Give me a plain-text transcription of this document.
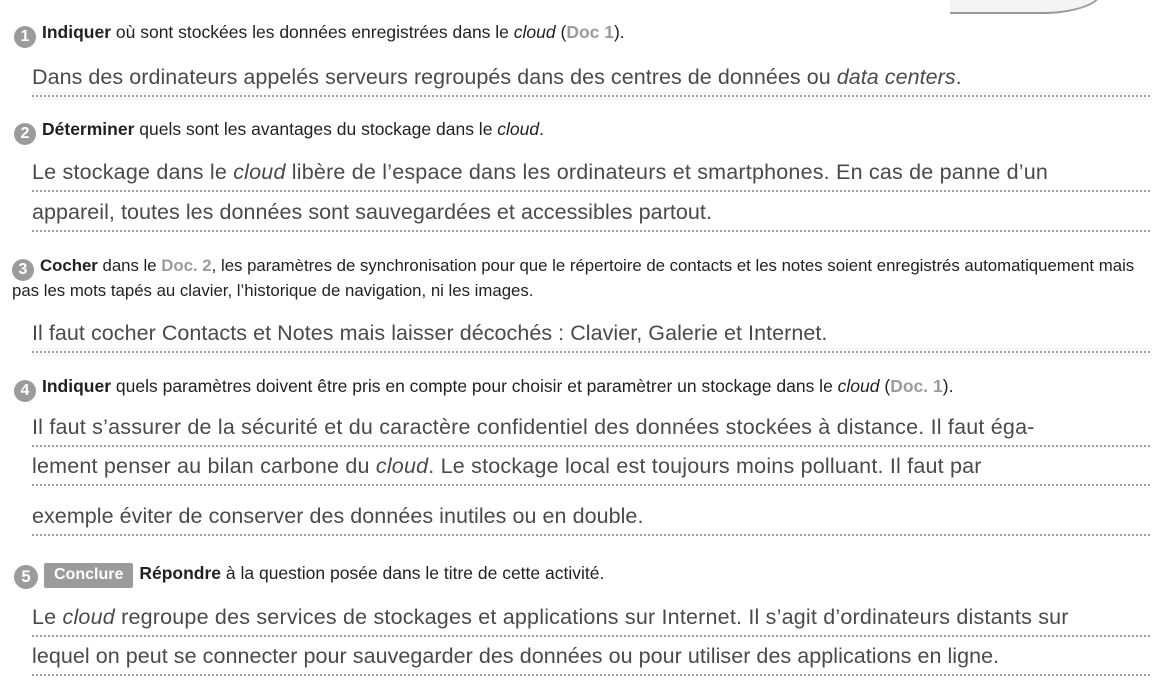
1 Indiquer où sont stockées les données enregistrées dans le cloud (Doc 1).
Dans des ordinateurs appelés serveurs regroupés dans des centres de données ou data centers.
2 Déterminer quels sont les avantages du stockage dans le cloud.
Le stockage dans le cloud libère de l’espace dans les ordinateurs et smartphones. En cas de panne d’un
appareil, toutes les données sont sauvegardées et accessibles partout.
3 Cocher dans le Doc. 2, les paramètres de synchronisation pour que le répertoire de contacts et les notes soient enregistrés automatiquement mais pas les mots tapés au clavier, l’historique de navigation, ni les images.
Il faut cocher Contacts et Notes mais laisser décochés : Clavier, Galerie et Internet.
4 Indiquer quels paramètres doivent être pris en compte pour choisir et paramètrer un stockage dans le cloud (Doc. 1).
Il faut s’assurer de la sécurité et du caractère confidentiel des données stockées à distance. Il faut éga-
lement penser au bilan carbone du cloud. Le stockage local est toujours moins polluant. Il faut par
exemple éviter de conserver des données inutiles ou en double.
5 Conclure Répondre à la question posée dans le titre de cette activité.
Le cloud regroupe des services de stockages et applications sur Internet. Il s’agit d’ordinateurs distants sur
lequel on peut se connecter pour sauvegarder des données ou pour utiliser des applications en ligne.
